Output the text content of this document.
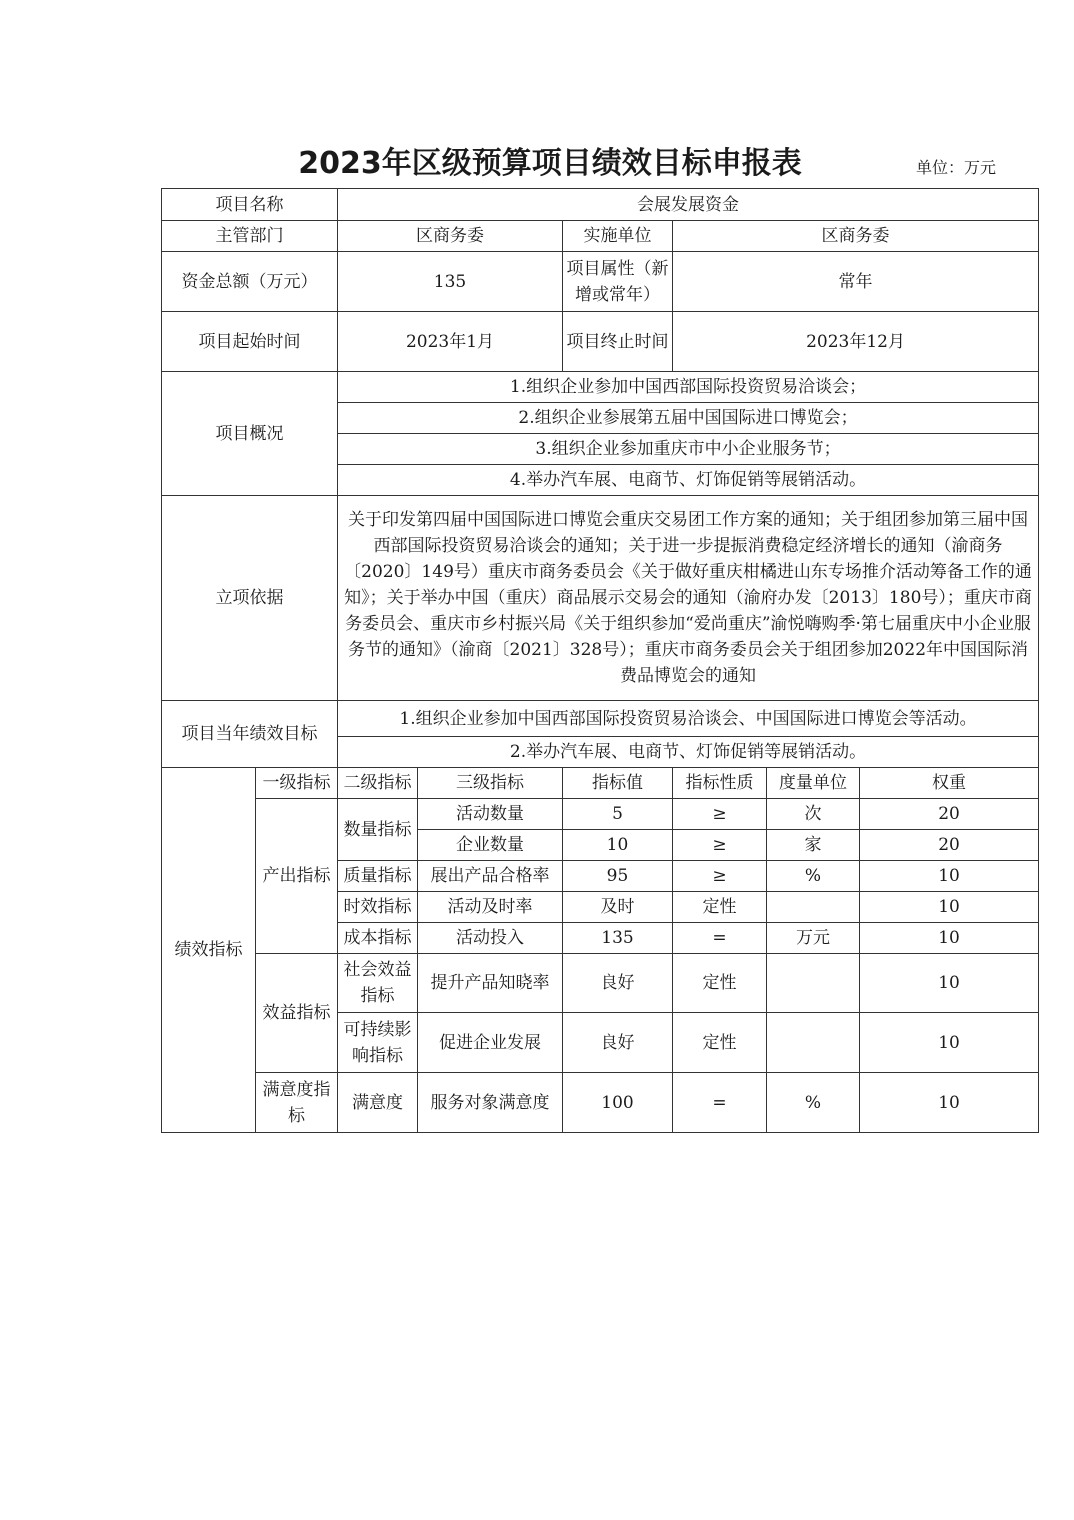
2023年区级预算项目绩效目标申报表	单位：万元
项目名称		会展发展资金					
主管部门		区商务委		实施单位	区商务委		
资金总额（万元）		135		项目属性（新增或常年）	常年		
项目起始时间		2023年1月		项目终止时间	2023年12月		
项目概况		1.组织企业参加中国西部国际投资贸易洽谈会；					
		2.组织企业参展第五届中国国际进口博览会；					
		3.组织企业参加重庆市中小企业服务节；					
		4.举办汽车展、电商节、灯饰促销等展销活动。					
立项依据		关于印发第四届中国国际进口博览会重庆交易团工作方案的通知；关于组团参加第三届中国西部国际投资贸易洽谈会的通知；关于进一步提振消费稳定经济增长的通知（渝商务〔2020〕149号）重庆市商务委员会《关于做好重庆柑橘进山东专场推介活动筹备工作的通知》；关于举办中国（重庆）商品展示交易会的通知（渝府办发〔2013〕180号）；重庆市商务委员会、重庆市乡村振兴局《关于组织参加“爱尚重庆”渝悦嗨购季·第七届重庆中小企业服务节的通知》（渝商〔2021〕328号）；重庆市商务委员会关于组团参加2022年中国国际消费品博览会的通知					
项目当年绩效目标		1.组织企业参加中国西部国际投资贸易洽谈会、中国国际进口博览会等活动。					
		2.举办汽车展、电商节、灯饰促销等展销活动。					
绩效指标	一级指标	二级指标	三级指标	指标值	指标性质	度量单位	权重
	产出指标	数量指标	活动数量	5	≥	次	20
			企业数量	10	≥	家	20
		质量指标	展出产品合格率	95	≥	%	10
		时效指标	活动及时率	及时	定性		10
		成本指标	活动投入	135	=	万元	10
	效益指标	社会效益指标	提升产品知晓率	良好	定性		10
		可持续影响指标	促进企业发展	良好	定性		10
	满意度指标	满意度	服务对象满意度	100	=	%	10
